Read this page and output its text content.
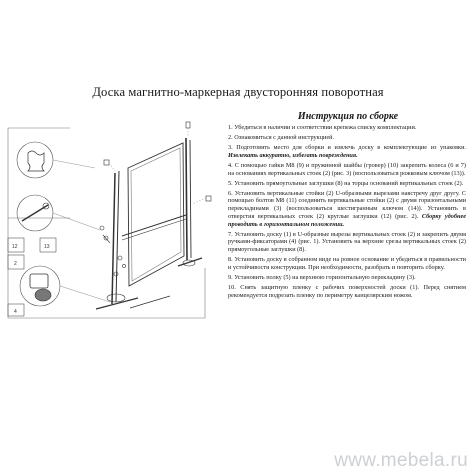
Доска магнитно-маркерная двусторонняя поворотная
12	13
2
4
Инструкция по сборке

1. Убедиться в наличии и соответствии крепежа списку комплектации.

2. Ознакомиться с данной инструкцией.

3. Подготовить место для сборки и извлечь доску в комплектующие из упаковки. Извлекать аккуратно, избегать повреждения.

4. С помощью гайки М8 (9) и пружинной шайбы (гровер) (10) закрепить колеса (6 и 7) на основаниях вертикальных стоек (2) (рис. 3) (воспользоваться рожковым ключом (13)).

5. Установить прямоугольные заглушки (8) на торцы оснований вертикальных стоек (2).

6. Установить вертикальные стойки (2) U-образными вырезами навстречу друг другу. С помощью болтов М8 (11) соединить вертикальные стойки (2) с двумя горизонтальными перекладинами (3) (воспользоваться шестигранным ключом (14)). Установить в отверстия вертикальных стоек (2) круглые заглушки (12) (рис. 2). Сборку удобнее проводить в горизонтальном положении.

7. Установить доску (1) в U-образные вырезы вертикальных стоек (2) и закрепить двумя ручками-фиксаторами (4) (рис. 1). Установить на верхние срезы вертикальных стоек (2) прямоугольные заглушки (8).

8. Установить доску в собранном виде на ровное основание и убедиться в правильности и устойчивости конструкции. При необходимости, разобрать и повторить сборку.

9. Установить полку (5) на верхнюю горизонтальную перекладину (3).

10. Снять защитную пленку с рабочих поверхностей доски (1). Перед снятием рекомендуется подрезать пленку по периметру канцелярским ножом.

www.mebela.ru
